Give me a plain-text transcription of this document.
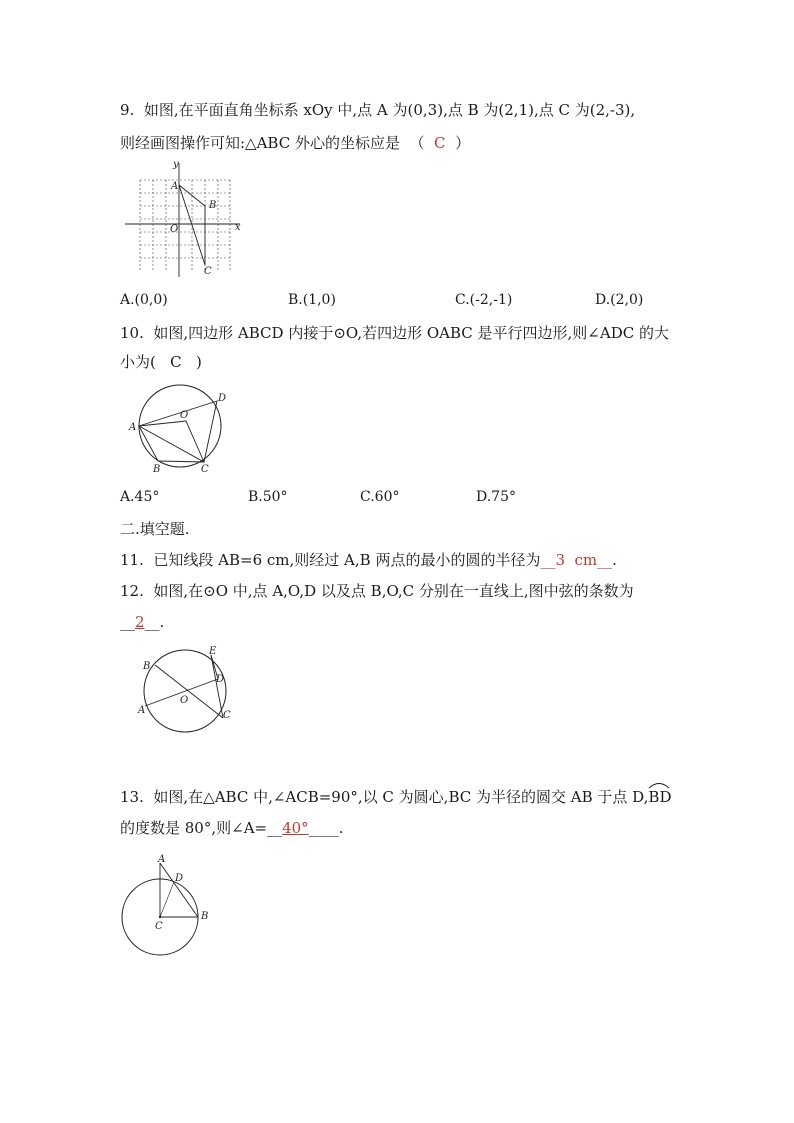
9.  如图,在平面直角坐标系 xOy 中,点 A 为(0,3),点 B 为(2,1),点 C 为(2,-3),
则经画图操作可知:△ABC 外心的坐标应是  （  C  ）
y
x
A
B
O
C
A.(0,0)	B.(1,0)	C.(-2,-1)	D.(2,0)
10.  如图,四边形 ABCD 内接于⊙O,若四边形 OABC 是平行四边形,则∠ADC 的大
小为(   C   )
A
B	C
D
O
A.45°	B.50°	C.60°	D.75°
二.填空题.
11.  已知线段 AB=6 cm,则经过 A,B 两点的最小的圆的半径为__3  cm__.
12.  如图,在⊙O 中,点 A,O,D 以及点 B,O,C 分别在一直线上,图中弦的条数为
__2__.
B
A
E
D
C
O
13.  如图,在△ABC 中,∠ACB=90°,以 C 为圆心,BC 为半径的圆交 AB 于点 D,
BD
的度数是 80°,则∠A=__40°____.
A
D
B
C
